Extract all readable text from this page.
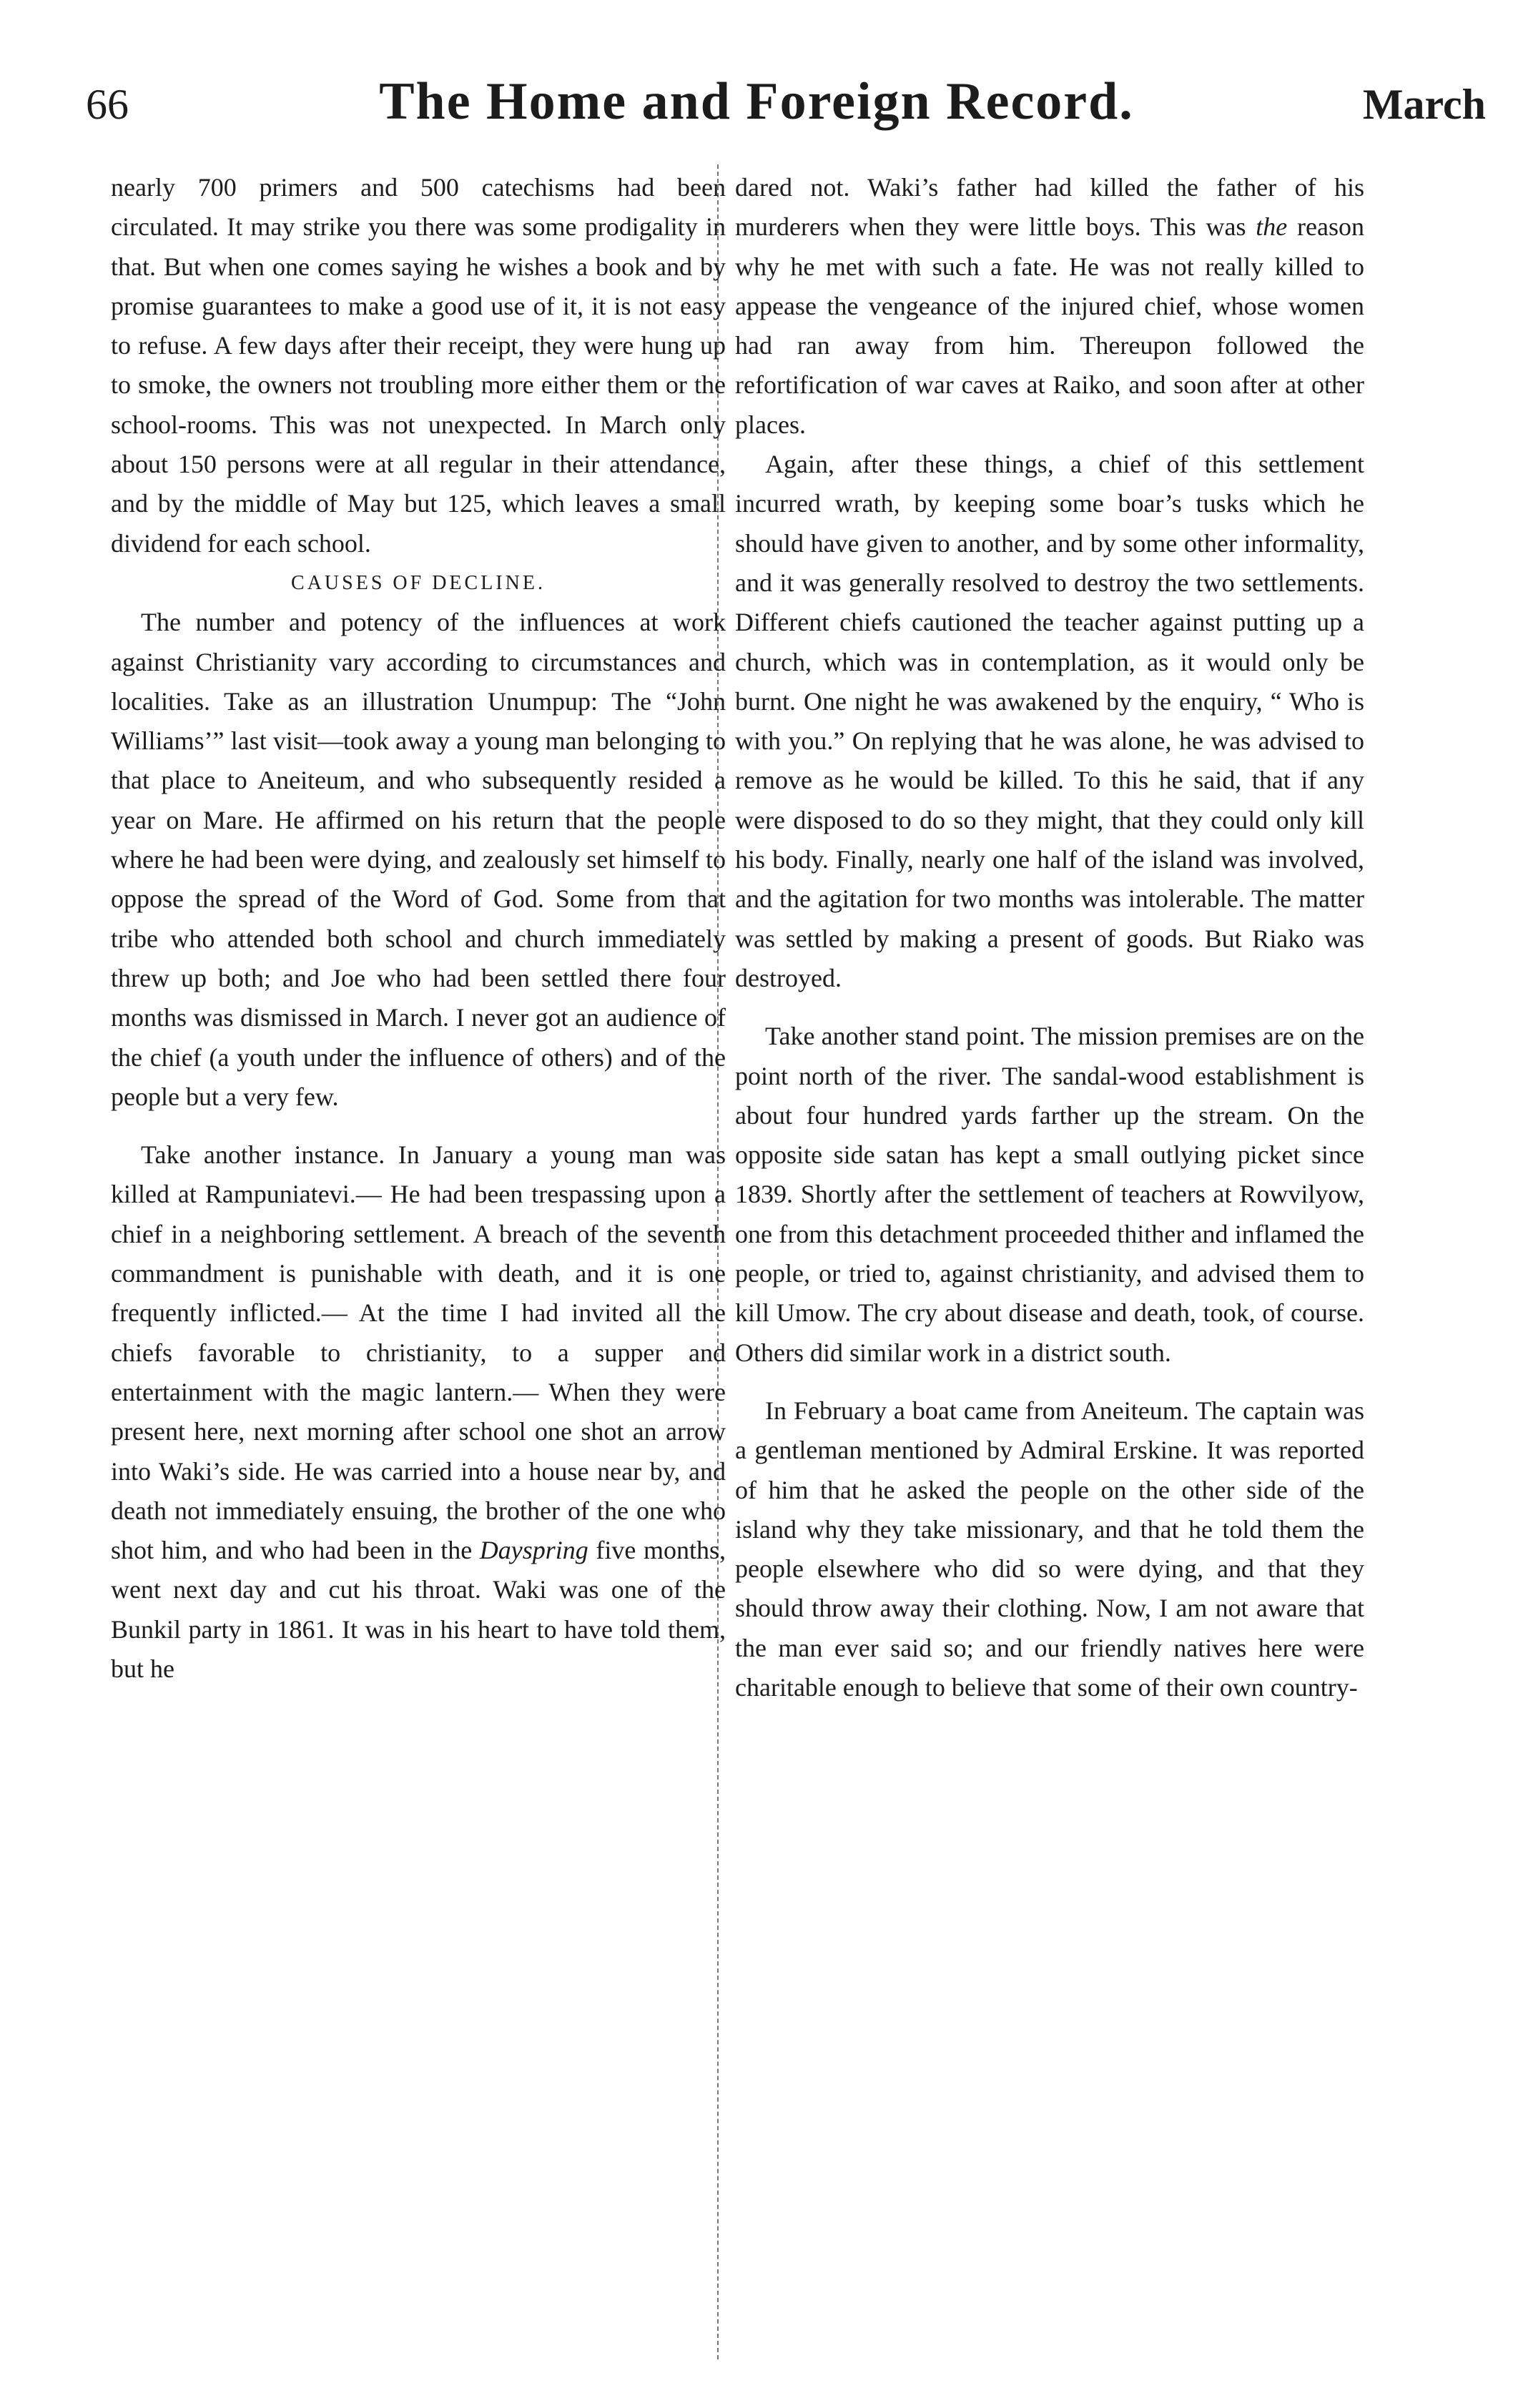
66	The Home and Foreign Record.	March

nearly 700 primers and 500 catechisms had been circulated. It may strike you there was some prodigality in that. But when one comes saying he wishes a book and by promise guarantees to make a good use of it, it is not easy to refuse. A few days after their receipt, they were hung up to smoke, the owners not troubling more either them or the school-rooms. This was not unexpected. In March only about 150 persons were at all regular in their attendance, and by the middle of May but 125, which leaves a small dividend for each school.

CAUSES OF DECLINE.

The number and potency of the influences at work against Christianity vary according to circumstances and localities. Take as an illustration Unumpup: The “John Williams’” last visit—took away a young man belonging to that place to Aneiteum, and who subsequently resided a year on Mare. He affirmed on his return that the people where he had been were dying, and zealously set himself to oppose the spread of the Word of God. Some from that tribe who attended both school and church immediately threw up both; and Joe who had been settled there four months was dismissed in March. I never got an audience of the chief (a youth under the influence of others) and of the people but a very few.

Take another instance. In January a young man was killed at Rampuniatevi.— He had been trespassing upon a chief in a neighboring settlement. A breach of the seventh commandment is punishable with death, and it is one frequently inflicted.— At the time I had invited all the chiefs favorable to christianity, to a supper and entertainment with the magic lantern.— When they were present here, next morning after school one shot an arrow into Waki’s side. He was carried into a house near by, and death not immediately ensuing, the brother of the one who shot him, and who had been in the Dayspring five months, went next day and cut his throat. Waki was one of the Bunkil party in 1861. It was in his heart to have told them, but he

dared not. Waki’s father had killed the father of his murderers when they were little boys. This was the reason why he met with such a fate. He was not really killed to appease the vengeance of the injured chief, whose women had ran away from him. Thereupon followed the refortification of war caves at Raiko, and soon after at other places.

Again, after these things, a chief of this settlement incurred wrath, by keeping some boar’s tusks which he should have given to another, and by some other informality, and it was generally resolved to destroy the two settlements. Different chiefs cautioned the teacher against putting up a church, which was in contemplation, as it would only be burnt. One night he was awakened by the enquiry, “ Who is with you.” On replying that he was alone, he was advised to remove as he would be killed. To this he said, that if any were disposed to do so they might, that they could only kill his body. Finally, nearly one half of the island was involved, and the agitation for two months was intolerable. The matter was settled by making a present of goods. But Riako was destroyed.

Take another stand point. The mission premises are on the point north of the river. The sandal-wood establishment is about four hundred yards farther up the stream. On the opposite side satan has kept a small outlying picket since 1839. Shortly after the settlement of teachers at Rowvilyow, one from this detachment proceeded thither and inflamed the people, or tried to, against christianity, and advised them to kill Umow. The cry about disease and death, took, of course. Others did similar work in a district south.

In February a boat came from Aneiteum. The captain was a gentleman mentioned by Admiral Erskine. It was reported of him that he asked the people on the other side of the island why they take missionary, and that he told them the people elsewhere who did so were dying, and that they should throw away their clothing. Now, I am not aware that the man ever said so; and our friendly natives here were charitable enough to believe that some of their own country-
